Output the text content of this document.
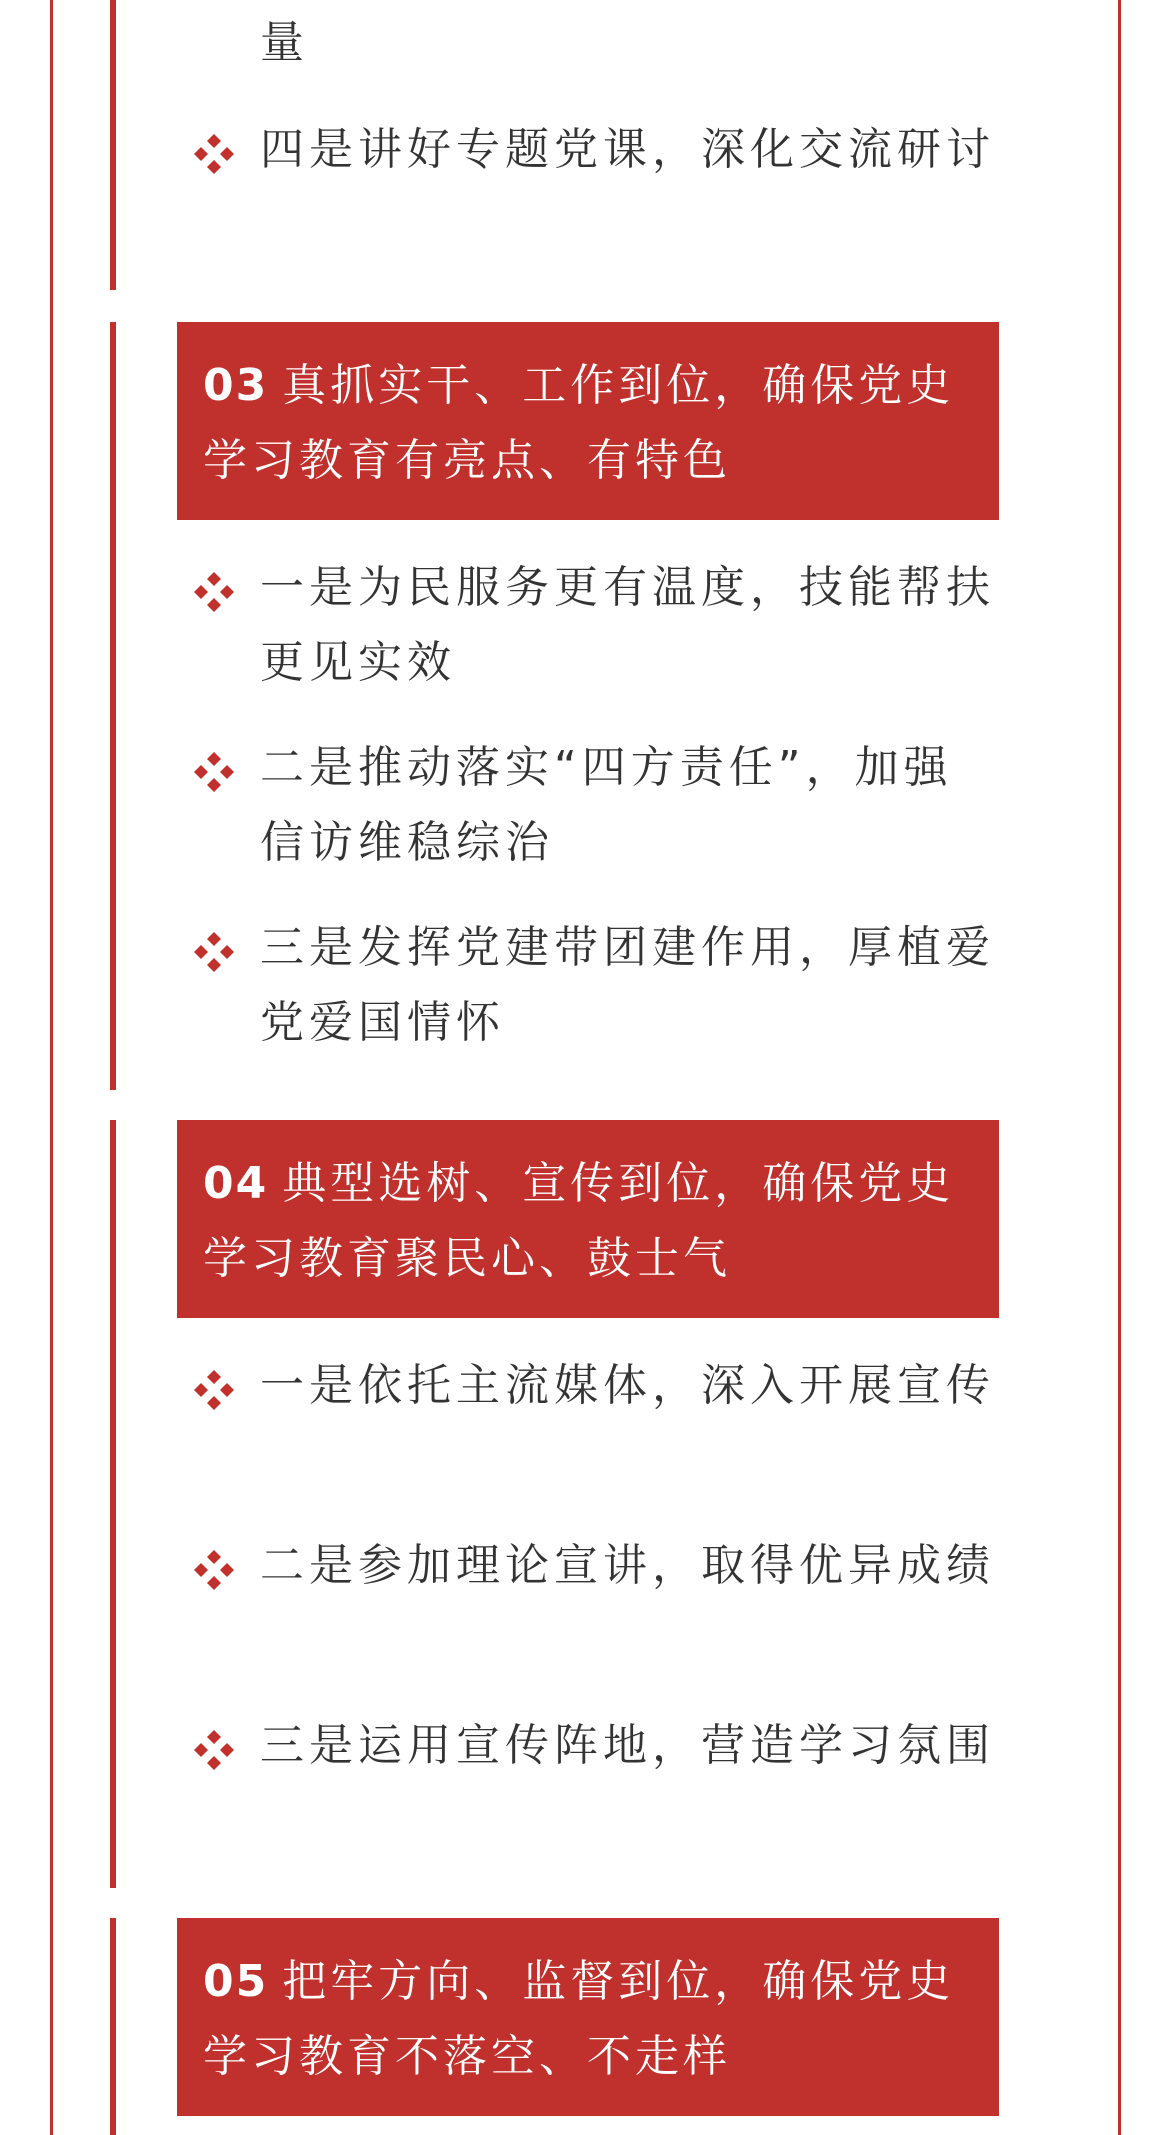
量
四是讲好专题党课，深化交流研讨
03 真抓实干、工作到位，确保党史学习教育有亮点、有特色
一是为民服务更有温度，技能帮扶更见实效
二是推动落实“四方责任”，加强信访维稳综治
三是发挥党建带团建作用，厚植爱党爱国情怀
04 典型选树、宣传到位，确保党史学习教育聚民心、鼓士气
一是依托主流媒体，深入开展宣传
二是参加理论宣讲，取得优异成绩
三是运用宣传阵地，营造学习氛围
05 把牢方向、监督到位，确保党史学习教育不落空、不走样
